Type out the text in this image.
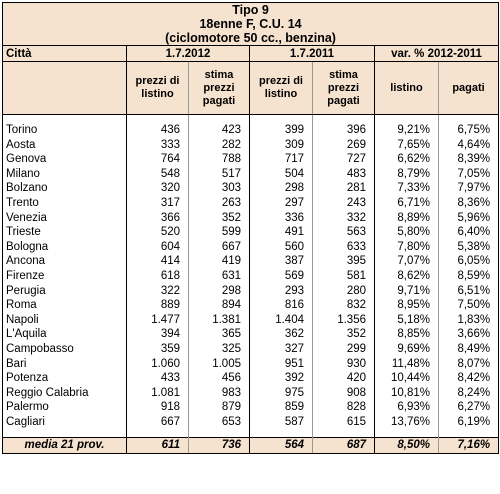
Tipo 9						
18enne F, C.U. 14						
(ciclomotore 50 cc., benzina)						
Città	1.7.2012		1.7.2011		var. % 2012-2011	
	prezzi di listino	stima prezzi pagati	prezzi di listino	stima prezzi pagati	listino	pagati

Torino	436	423	399	396	9,21%	6,75%
Aosta	333	282	309	269	7,65%	4,64%
Genova	764	788	717	727	6,62%	8,39%
Milano	548	517	504	483	8,79%	7,05%
Bolzano	320	303	298	281	7,33%	7,97%
Trento	317	263	297	243	6,71%	8,36%
Venezia	366	352	336	332	8,89%	5,96%
Trieste	520	599	491	563	5,80%	6,40%
Bologna	604	667	560	633	7,80%	5,38%
Ancona	414	419	387	395	7,07%	6,05%
Firenze	618	631	569	581	8,62%	8,59%
Perugia	322	298	293	280	9,71%	6,51%
Roma	889	894	816	832	8,95%	7,50%
Napoli	1.477	1.381	1.404	1.356	5,18%	1,83%
L'Aquila	394	365	362	352	8,85%	3,66%
Campobasso	359	325	327	299	9,69%	8,49%
Bari	1.060	1.005	951	930	11,48%	8,07%
Potenza	433	456	392	420	10,44%	8,42%
Reggio Calabria	1.081	983	975	908	10,81%	8,24%
Palermo	918	879	859	828	6,93%	6,27%
Cagliari	667	653	587	615	13,76%	6,19%

media 21 prov.	611	736	564	687	8,50%	7,16%
